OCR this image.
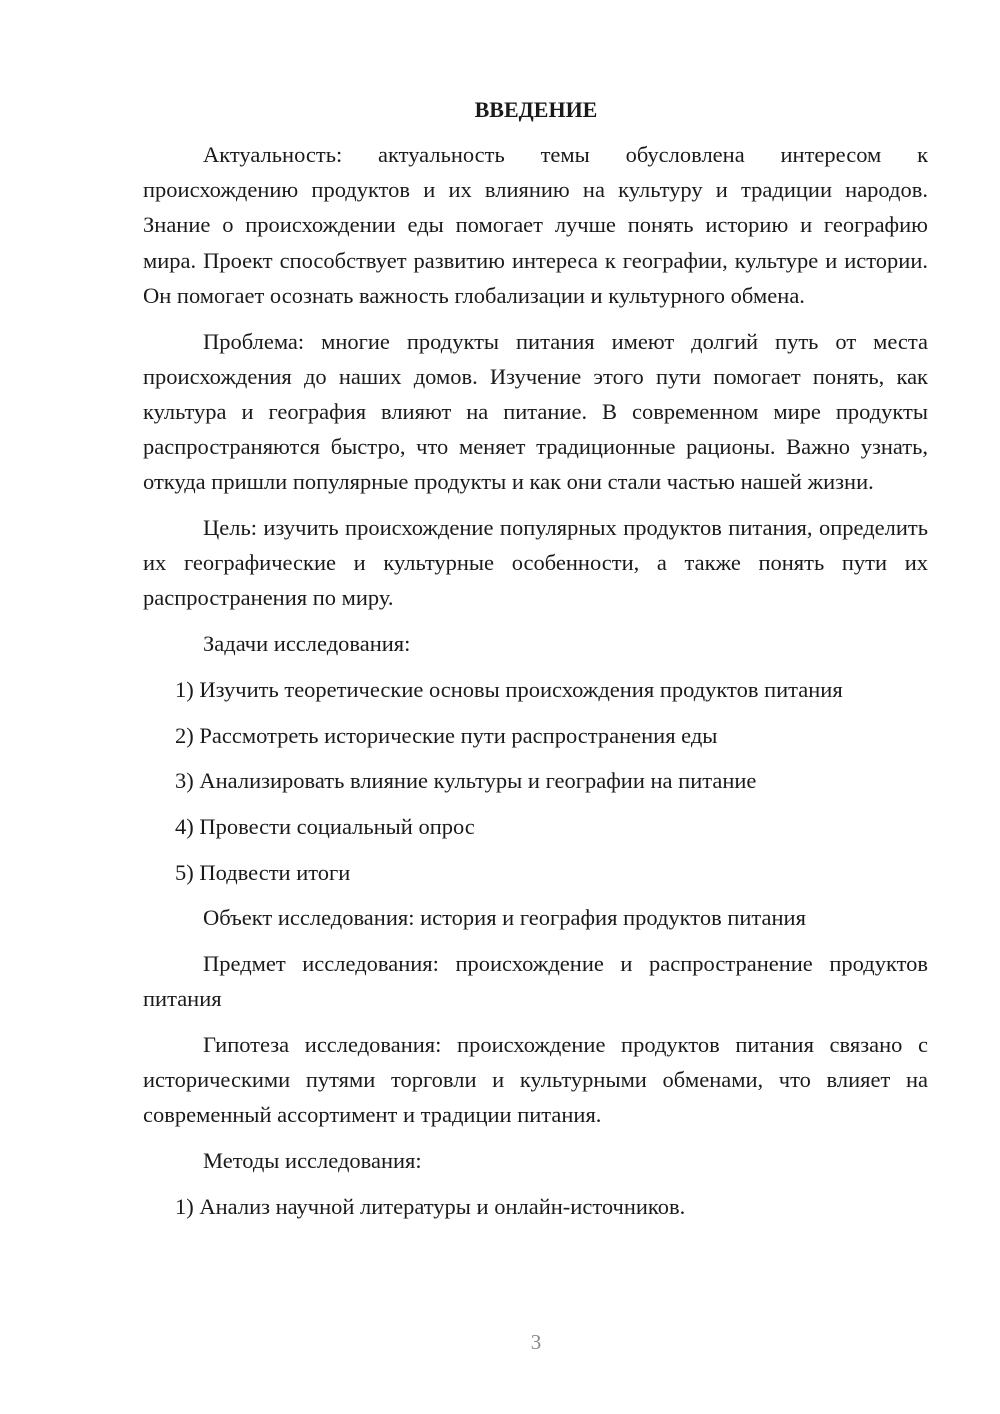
ВВЕДЕНИЕ

Актуальность: актуальность темы обусловлена интересом к происхождению продуктов и их влиянию на культуру и традиции народов. Знание о происхождении еды помогает лучше понять историю и географию мира. Проект способствует развитию интереса к географии, культуре и истории. Он помогает осознать важность глобализации и культурного обмена.

Проблема: многие продукты питания имеют долгий путь от места происхождения до наших домов. Изучение этого пути помогает понять, как культура и география влияют на питание. В современном мире продукты распространяются быстро, что меняет традиционные рационы. Важно узнать, откуда пришли популярные продукты и как они стали частью нашей жизни.

Цель: изучить происхождение популярных продуктов питания, определить их географические и культурные особенности, а также понять пути их распространения по миру.

Задачи исследования:

1) Изучить теоретические основы происхождения продуктов питания

2) Рассмотреть исторические пути распространения еды

3) Анализировать влияние культуры и географии на питание

4) Провести социальный опрос

5) Подвести итоги

Объект исследования: история и география продуктов питания

Предмет исследования: происхождение и распространение продуктов питания

Гипотеза исследования: происхождение продуктов питания связано с историческими путями торговли и культурными обменами, что влияет на современный ассортимент и традиции питания.

Методы исследования:

1) Анализ научной литературы и онлайн-источников.

3
